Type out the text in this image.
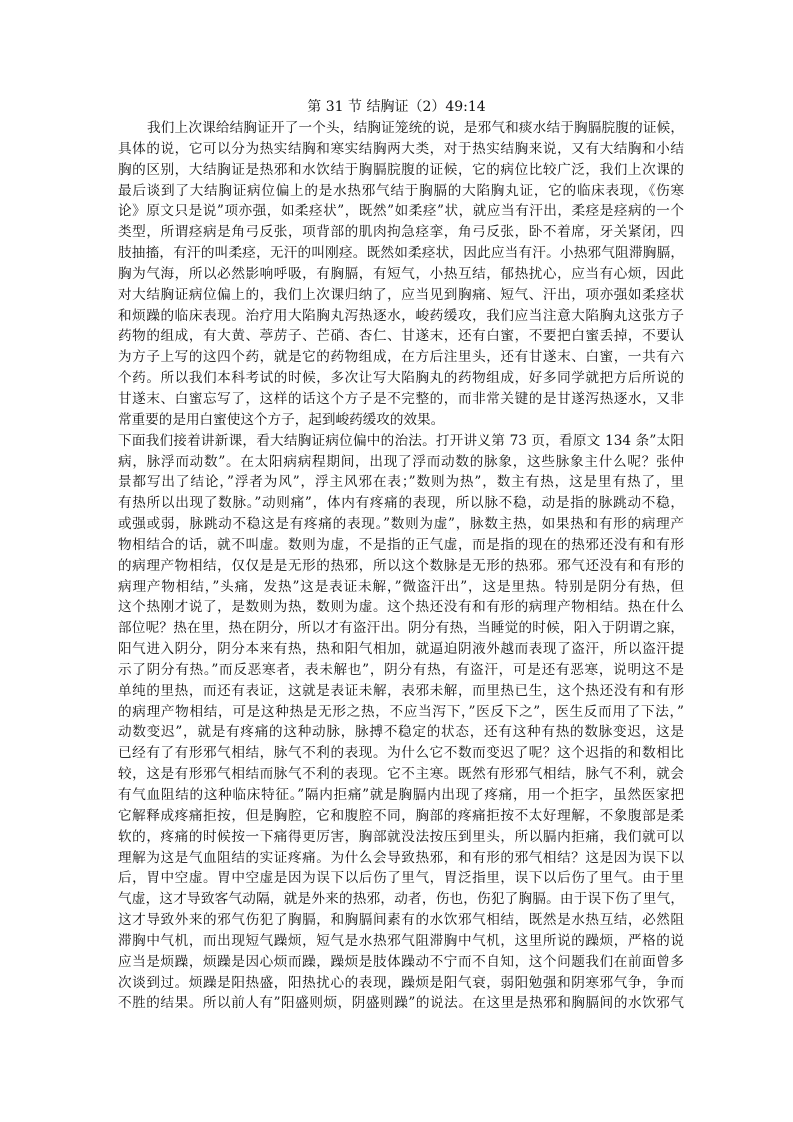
第 31 节 结胸证（2）49:14
我们上次课给结胸证开了一个头，结胸证笼统的说，是邪气和痰水结于胸膈脘腹的证候，
具体的说，它可以分为热实结胸和寒实结胸两大类，对于热实结胸来说，又有大结胸和小结
胸的区别，大结胸证是热邪和水饮结于胸膈脘腹的证候，它的病位比较广泛，我们上次课的
最后谈到了大结胸证病位偏上的是水热邪气结于胸膈的大陷胸丸证，它的临床表现，《伤寒
论》原文只是说”项亦强，如柔痉状”，既然”如柔痉”状，就应当有汗出，柔痉是痉病的一个
类型，所谓痉病是角弓反张，项背部的肌肉拘急痉挛，角弓反张，卧不着席，牙关紧闭，四
肢抽搐，有汗的叫柔痉，无汗的叫刚痉。既然如柔痉状，因此应当有汗。小热邪气阻滞胸膈，
胸为气海，所以必然影响呼吸，有胸膈，有短气，小热互结，郁热扰心，应当有心烦，因此
对大结胸证病位偏上的，我们上次课归纳了，应当见到胸痛、短气、汗出，项亦强如柔痉状
和烦躁的临床表现。治疗用大陷胸丸泻热逐水，峻药缓攻，我们应当注意大陷胸丸这张方子
药物的组成，有大黄、葶苈子、芒硝、杏仁、甘遂末，还有白蜜，不要把白蜜丢掉，不要认
为方子上写的这四个药，就是它的药物组成，在方后注里头，还有甘遂末、白蜜，一共有六
个药。所以我们本科考试的时候，多次让写大陷胸丸的药物组成，好多同学就把方后所说的
甘遂末、白蜜忘写了，这样的话这个方子是不完整的，而非常关键的是甘遂泻热逐水，又非
常重要的是用白蜜使这个方子，起到峻药缓攻的效果。
下面我们接着讲新课，看大结胸证病位偏中的治法。打开讲义第 73 页，看原文 134 条”太阳
病，脉浮而动数”。在太阳病病程期间，出现了浮而动数的脉象，这些脉象主什么呢？张仲
景都写出了结论，”浮者为风”，浮主风邪在表；”数则为热”，数主有热，这是里有热了，里
有热所以出现了数脉。”动则痛”，体内有疼痛的表现，所以脉不稳，动是指的脉跳动不稳，
或强或弱，脉跳动不稳这是有疼痛的表现。”数则为虚”，脉数主热，如果热和有形的病理产
物相结合的话，就不叫虚。数则为虚，不是指的正气虚，而是指的现在的热邪还没有和有形
的病理产物相结，仅仅是是无形的热邪，所以这个数脉是无形的热邪。邪气还没有和有形的
病理产物相结，”头痛，发热”这是表证未解，”微盗汗出”，这是里热。特别是阴分有热，但
这个热刚才说了，是数则为热，数则为虚。这个热还没有和有形的病理产物相结。热在什么
部位呢？热在里，热在阴分，所以才有盗汗出。阴分有热，当睡觉的时候，阳入于阴谓之寐，
阳气进入阴分，阴分本来有热，热和阳气相加，就逼迫阴液外越而表现了盗汗，所以盗汗提
示了阴分有热。”而反恶寒者，表未解也”，阴分有热，有盗汗，可是还有恶寒，说明这不是
单纯的里热，而还有表证，这就是表证未解，表邪未解，而里热已生，这个热还没有和有形
的病理产物相结，可是这种热是无形之热，不应当泻下，”医反下之”，医生反而用了下法，”
动数变迟”，就是有疼痛的这种动脉，脉搏不稳定的状态，还有这种有热的数脉变迟，这是
已经有了有形邪气相结，脉气不利的表现。为什么它不数而变迟了呢？这个迟指的和数相比
较，这是有形邪气相结而脉气不利的表现。它不主寒。既然有形邪气相结，脉气不利，就会
有气血阻结的这种临床特征。”隔内拒痛”就是胸膈内出现了疼痛，用一个拒字，虽然医家把
它解释成疼痛拒按，但是胸腔，它和腹腔不同，胸部的疼痛拒按不太好理解，不象腹部是柔
软的，疼痛的时候按一下痛得更厉害，胸部就没法按压到里头，所以膈内拒痛，我们就可以
理解为这是气血阻结的实证疼痛。为什么会导致热邪，和有形的邪气相结？这是因为误下以
后，胃中空虚。胃中空虚是因为误下以后伤了里气，胃泛指里，误下以后伤了里气。由于里
气虚，这才导致客气动隔，就是外来的热邪，动者，伤也，伤犯了胸膈。由于误下伤了里气，
这才导致外来的邪气伤犯了胸膈，和胸膈间素有的水饮邪气相结，既然是水热互结，必然阻
滞胸中气机，而出现短气躁烦，短气是水热邪气阻滞胸中气机，这里所说的躁烦，严格的说
应当是烦躁，烦躁是因心烦而躁，躁烦是肢体躁动不宁而不自知，这个问题我们在前面曾多
次谈到过。烦躁是阳热盛，阳热扰心的表现，躁烦是阳气衰，弱阳勉强和阴寒邪气争，争而
不胜的结果。所以前人有”阳盛则烦，阴盛则躁”的说法。在这里是热邪和胸膈间的水饮邪气
